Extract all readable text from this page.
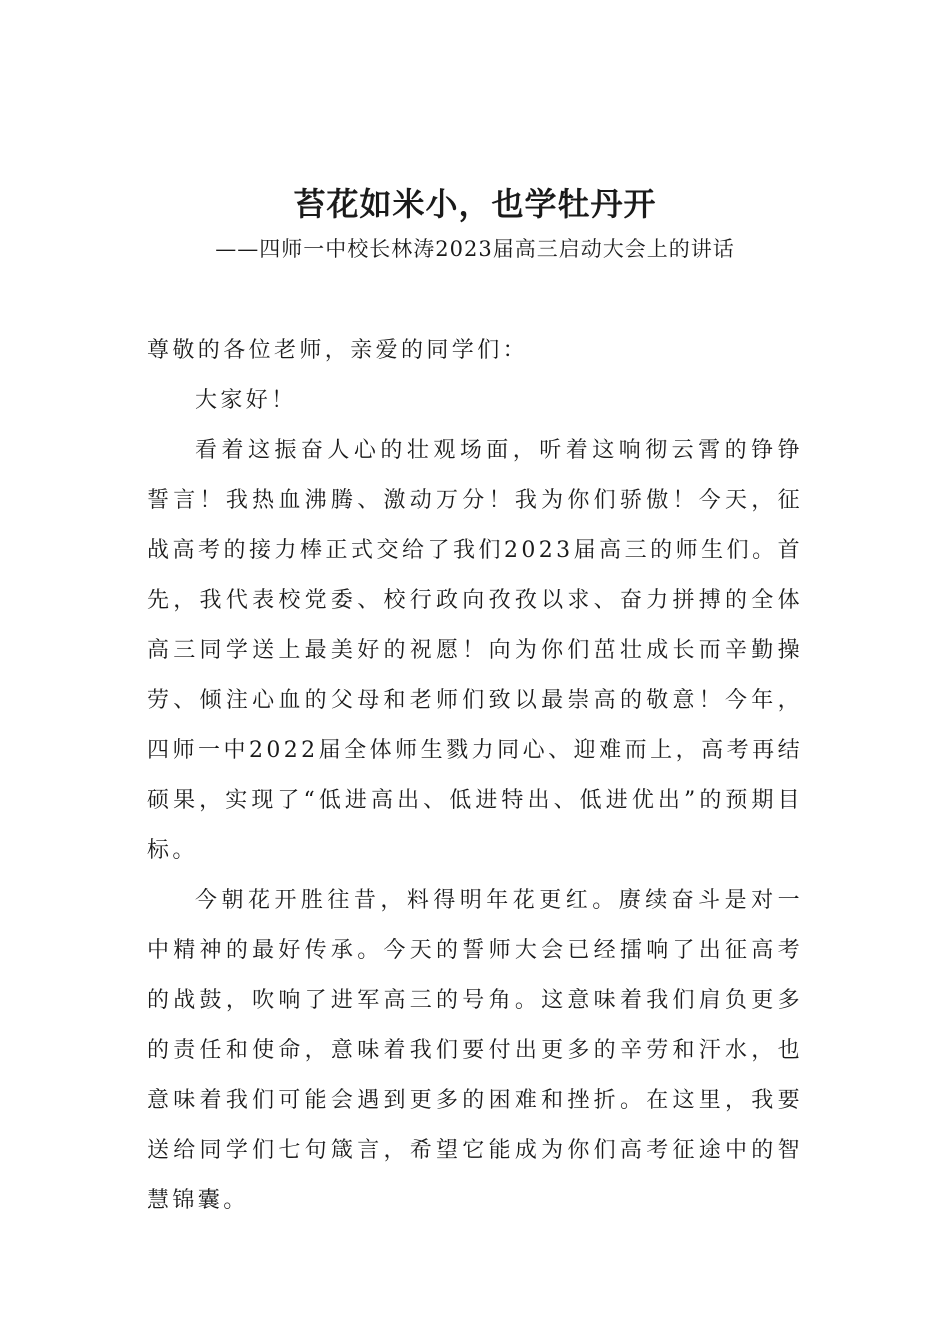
苔花如米小，也学牡丹开
——四师一中校长林涛2023届高三启动大会上的讲话

尊敬的各位老师，亲爱的同学们：

大家好！

看着这振奋人心的壮观场面，听着这响彻云霄的铮铮誓言！我热血沸腾、激动万分！我为你们骄傲！今天，征战高考的接力棒正式交给了我们2023届高三的师生们。首先，我代表校党委、校行政向孜孜以求、奋力拼搏的全体高三同学送上最美好的祝愿！向为你们茁壮成长而辛勤操劳、倾注心血的父母和老师们致以最崇高的敬意！今年，四师一中2022届全体师生戮力同心、迎难而上，高考再结硕果，实现了“低进高出、低进特出、低进优出”的预期目标。

今朝花开胜往昔，料得明年花更红。赓续奋斗是对一中精神的最好传承。今天的誓师大会已经擂响了出征高考的战鼓，吹响了进军高三的号角。这意味着我们肩负更多的责任和使命，意味着我们要付出更多的辛劳和汗水，也意味着我们可能会遇到更多的困难和挫折。在这里，我要送给同学们七句箴言，希望它能成为你们高考征途中的智慧锦囊。
